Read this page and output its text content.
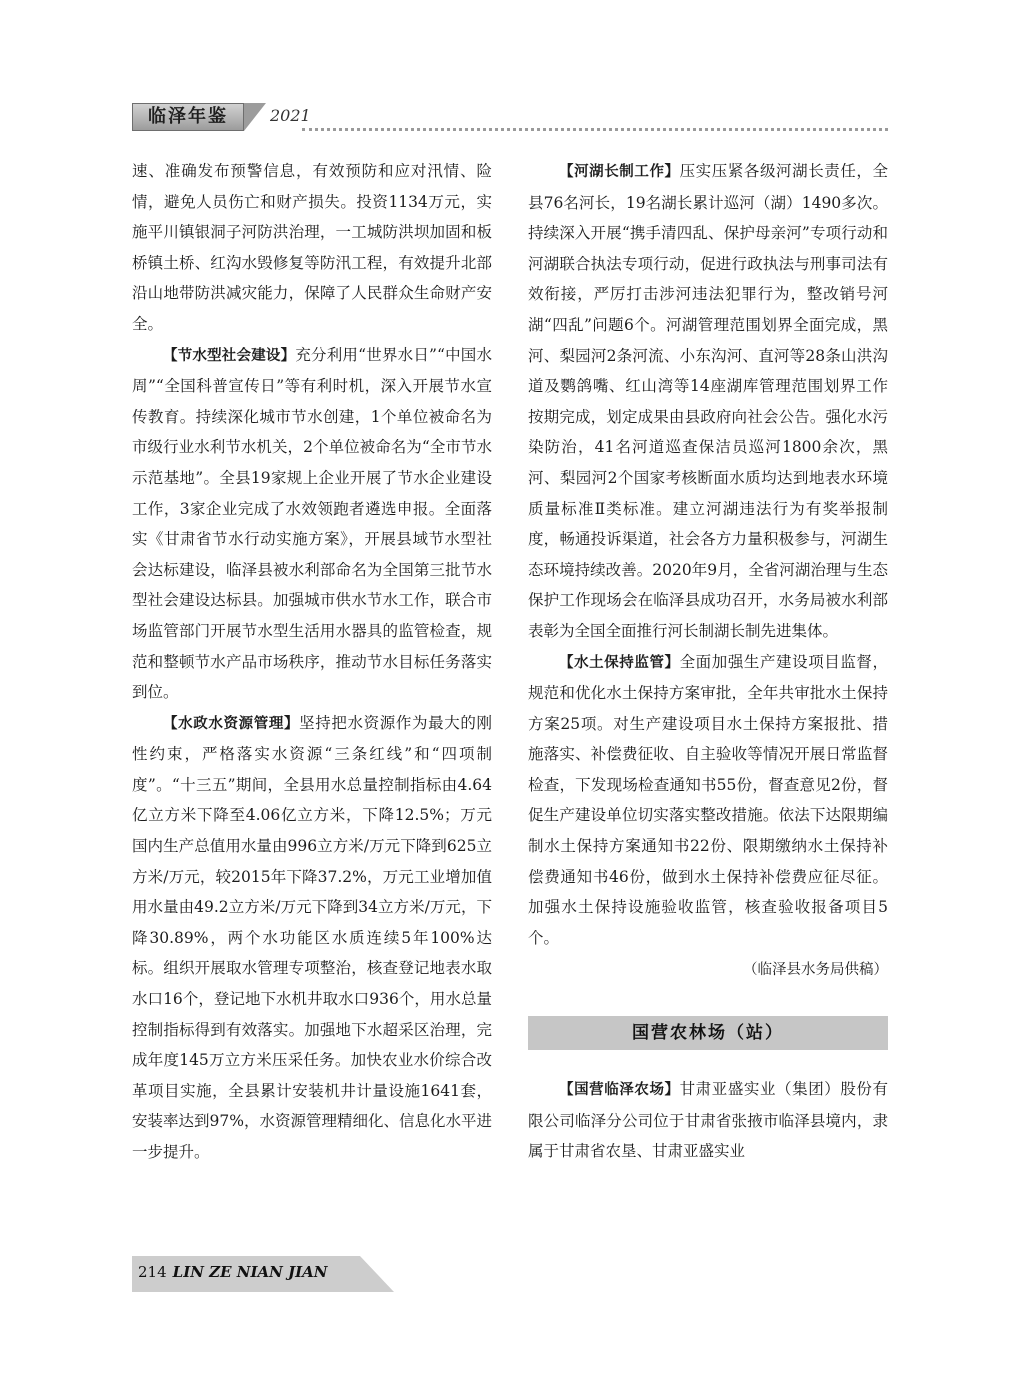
临泽年鉴	2021

速、准确发布预警信息，有效预防和应对汛情、险情，避免人员伤亡和财产损失。投资1134万元，实施平川镇银洞子河防洪治理，一工城防洪坝加固和板桥镇土桥、红沟水毁修复等防汛工程，有效提升北部沿山地带防洪减灾能力，保障了人民群众生命财产安全。

【节水型社会建设】充分利用“世界水日”“中国水周”“全国科普宣传日”等有利时机，深入开展节水宣传教育。持续深化城市节水创建，1个单位被命名为市级行业水利节水机关，2个单位被命名为“全市节水示范基地”。全县19家规上企业开展了节水企业建设工作，3家企业完成了水效领跑者遴选申报。全面落实《甘肃省节水行动实施方案》，开展县域节水型社会达标建设，临泽县被水利部命名为全国第三批节水型社会建设达标县。加强城市供水节水工作，联合市场监管部门开展节水型生活用水器具的监管检查，规范和整顿节水产品市场秩序，推动节水目标任务落实到位。

【水政水资源管理】坚持把水资源作为最大的刚性约束，严格落实水资源“三条红线”和“四项制度”。“十三五”期间，全县用水总量控制指标由4.64亿立方米下降至4.06亿立方米，下降12.5%；万元国内生产总值用水量由996立方米/万元下降到625立方米/万元，较2015年下降37.2%，万元工业增加值用水量由49.2立方米/万元下降到34立方米/万元，下降30.89%，两个水功能区水质连续5年100%达标。组织开展取水管理专项整治，核查登记地表水取水口16个，登记地下水机井取水口936个，用水总量控制指标得到有效落实。加强地下水超采区治理，完成年度145万立方米压采任务。加快农业水价综合改革项目实施，全县累计安装机井计量设施1641套，安装率达到97%，水资源管理精细化、信息化水平进一步提升。

【河湖长制工作】压实压紧各级河湖长责任，全县76名河长，19名湖长累计巡河（湖）1490多次。持续深入开展“携手清四乱、保护母亲河”专项行动和河湖联合执法专项行动，促进行政执法与刑事司法有效衔接，严厉打击涉河违法犯罪行为，整改销号河湖“四乱”问题6个。河湖管理范围划界全面完成，黑河、梨园河2条河流、小东沟河、直河等28条山洪沟道及鹦鸽嘴、红山湾等14座湖库管理范围划界工作按期完成，划定成果由县政府向社会公告。强化水污染防治，41名河道巡查保洁员巡河1800余次，黑河、梨园河2个国家考核断面水质均达到地表水环境质量标准Ⅱ类标准。建立河湖违法行为有奖举报制度，畅通投诉渠道，社会各方力量积极参与，河湖生态环境持续改善。2020年9月，全省河湖治理与生态保护工作现场会在临泽县成功召开，水务局被水利部表彰为全国全面推行河长制湖长制先进集体。

【水土保持监管】全面加强生产建设项目监督，规范和优化水土保持方案审批，全年共审批水土保持方案25项。对生产建设项目水土保持方案报批、措施落实、补偿费征收、自主验收等情况开展日常监督检查，下发现场检查通知书55份，督查意见2份，督促生产建设单位切实落实整改措施。依法下达限期编制水土保持方案通知书22份、限期缴纳水土保持补偿费通知书46份，做到水土保持补偿费应征尽征。加强水土保持设施验收监管，核查验收报备项目5个。

（临泽县水务局供稿）

国营农林场（站）

【国营临泽农场】甘肃亚盛实业（集团）股份有限公司临泽分公司位于甘肃省张掖市临泽县境内，隶属于甘肃省农垦、甘肃亚盛实业

214 LIN ZE NIAN JIAN
